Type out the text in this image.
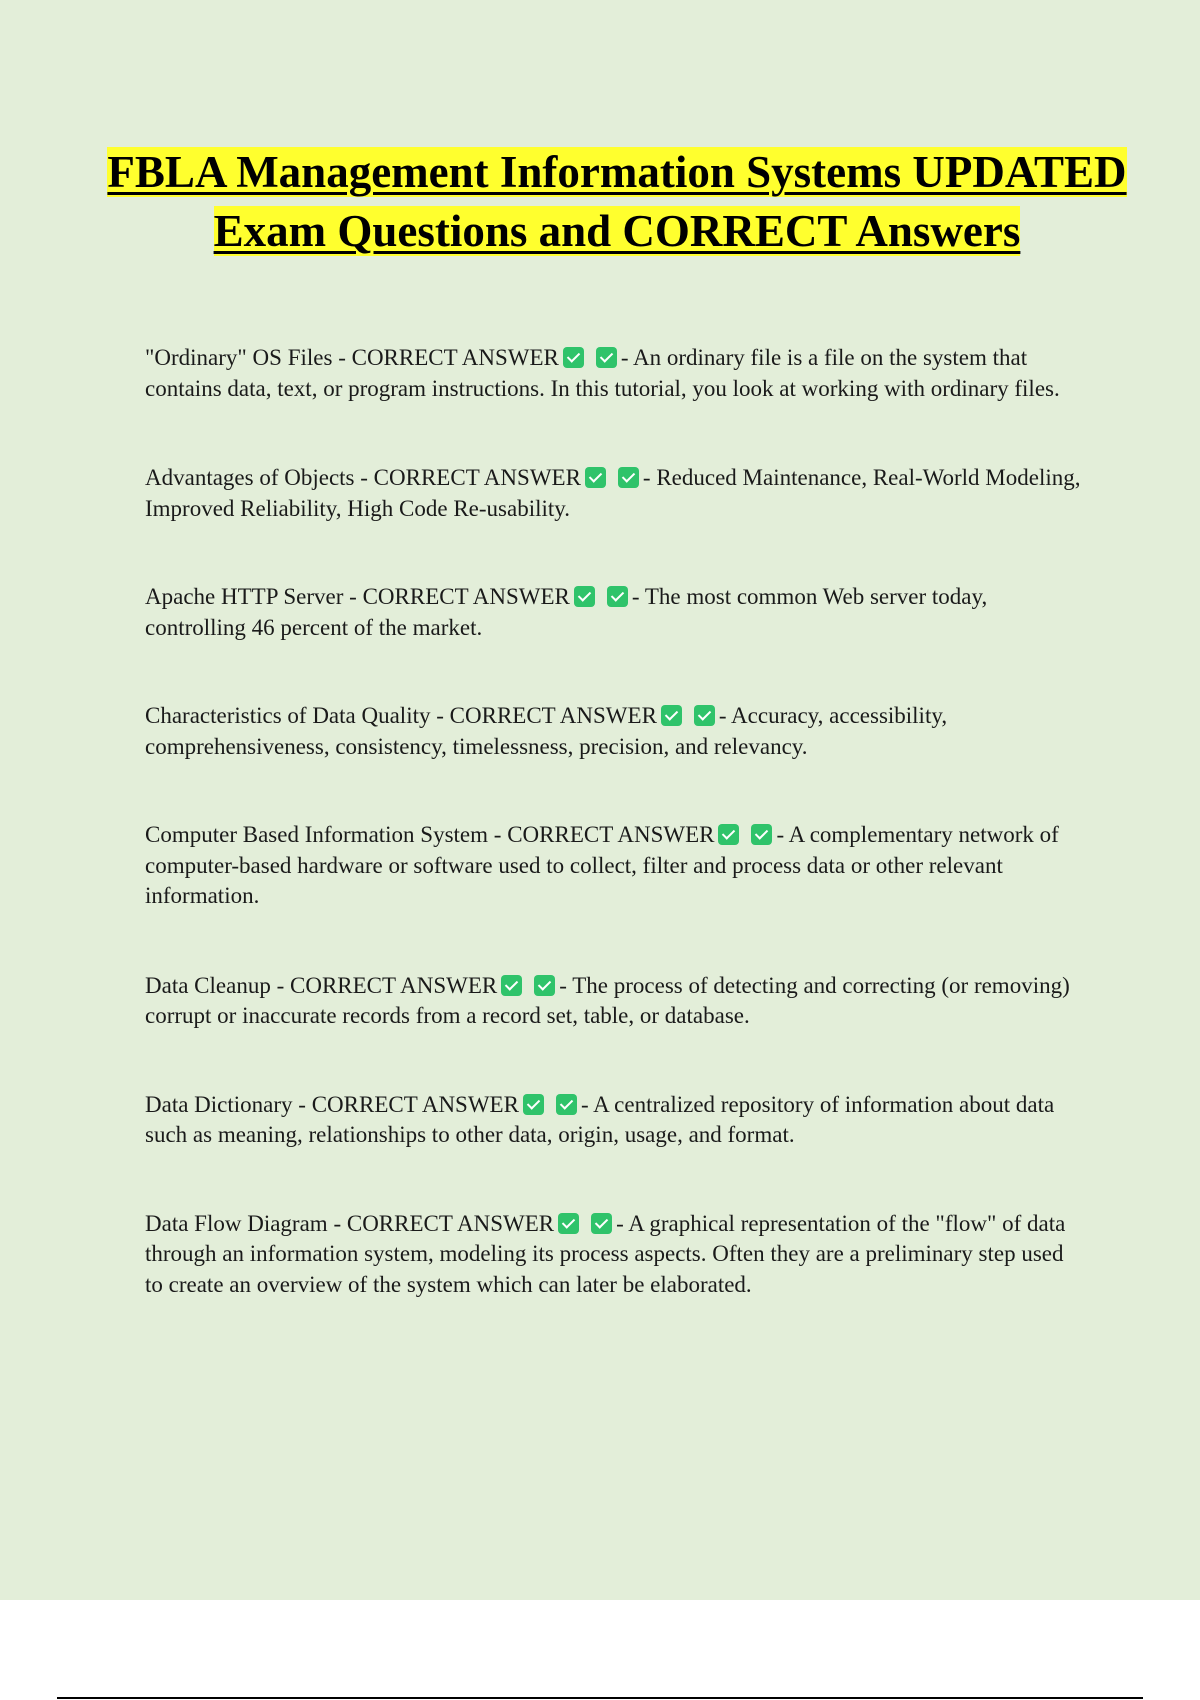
FBLA Management Information Systems UPDATED Exam Questions and CORRECT Answers

"Ordinary" OS Files - CORRECT ANSWER	- An ordinary file is a file on the system that contains data, text, or program instructions. In this tutorial, you look at working with ordinary files.

Advantages of Objects - CORRECT ANSWER	- Reduced Maintenance, Real-World Modeling, Improved Reliability, High Code Re-usability.

Apache HTTP Server - CORRECT ANSWER	- The most common Web server today, controlling 46 percent of the market.

Characteristics of Data Quality - CORRECT ANSWER	- Accuracy, accessibility, comprehensiveness, consistency, timelessness, precision, and relevancy.

Computer Based Information System - CORRECT ANSWER	- A complementary network of computer-based hardware or software used to collect, filter and process data or other relevant information.

Data Cleanup - CORRECT ANSWER	- The process of detecting and correcting (or removing) corrupt or inaccurate records from a record set, table, or database.

Data Dictionary - CORRECT ANSWER	- A centralized repository of information about data such as meaning, relationships to other data, origin, usage, and format.

Data Flow Diagram - CORRECT ANSWER	- A graphical representation of the "flow" of data through an information system, modeling its process aspects. Often they are a preliminary step used to create an overview of the system which can later be elaborated.
